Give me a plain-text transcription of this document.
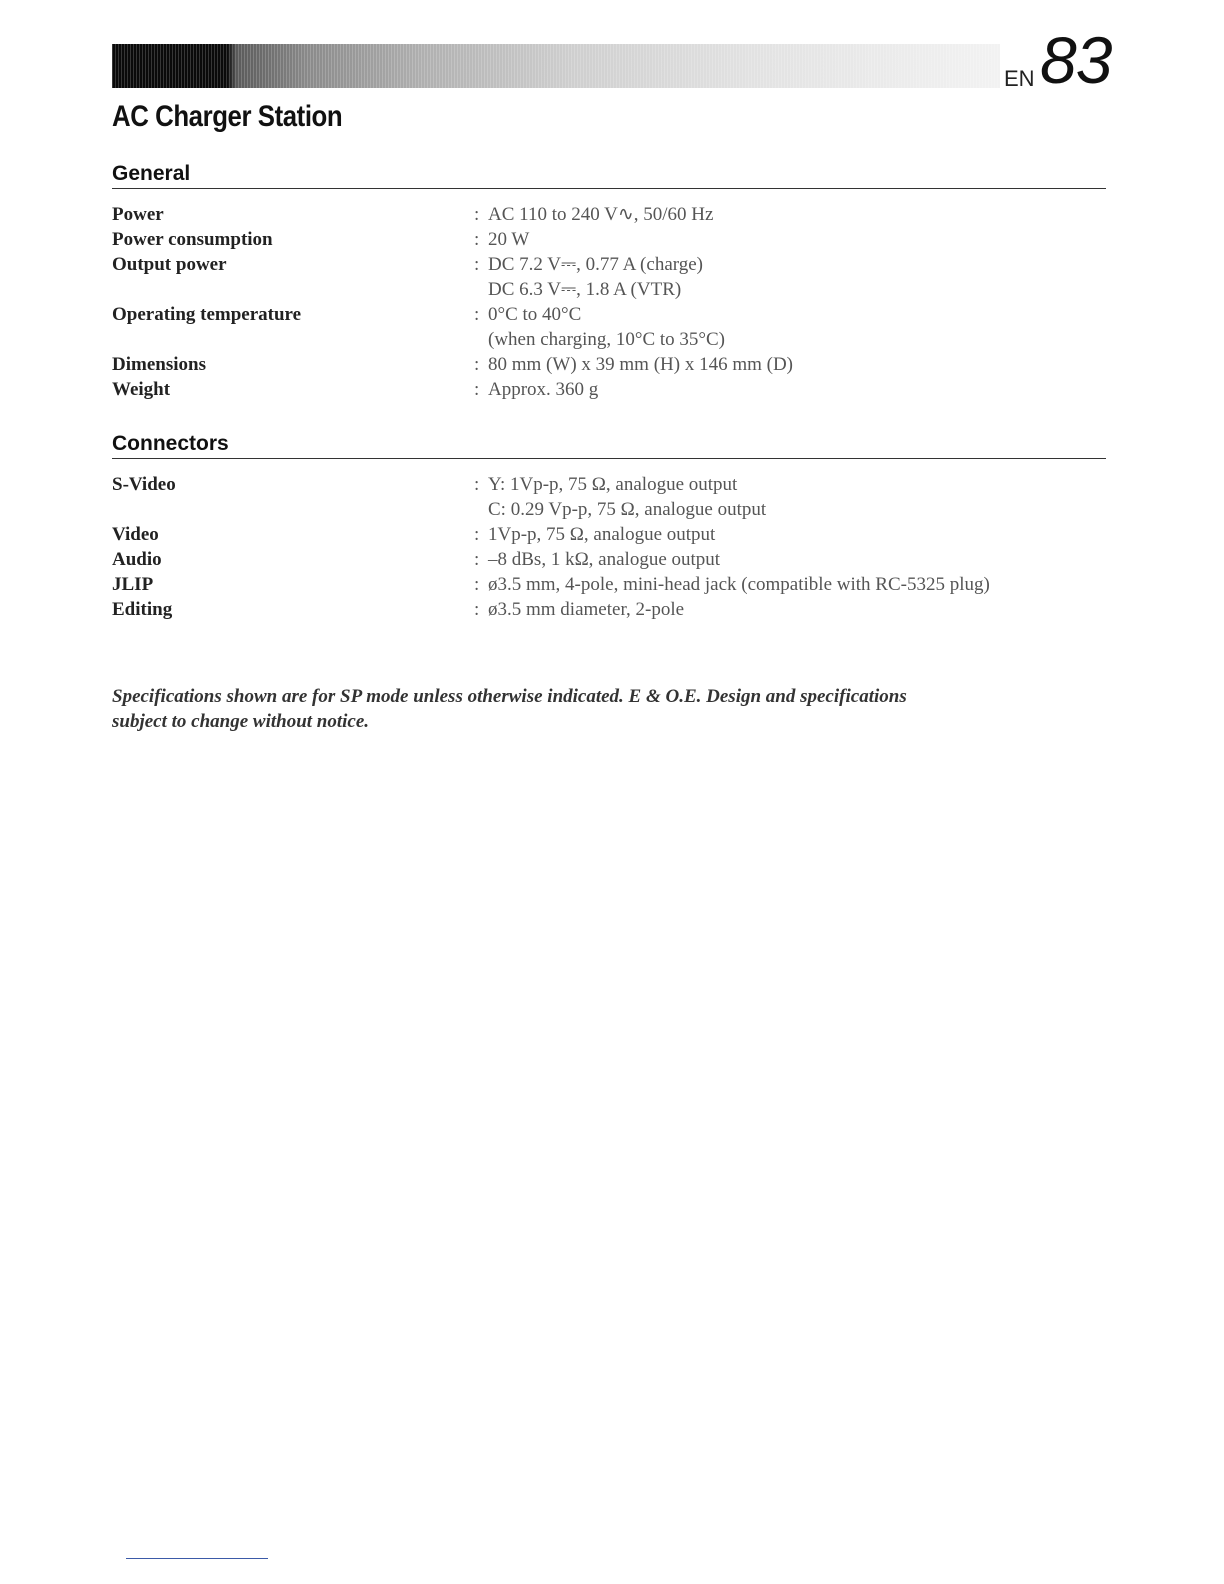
EN 83
AC Charger Station
General
Power	: AC 110 to 240 V∿, 50/60 Hz

Power consumption	: 20 W

Output power	: DC 7.2 V⎓, 0.77 A (charge)
DC 6.3 V⎓, 1.8 A (VTR)

Operating temperature	: 0°C to 40°C
(when charging, 10°C to 35°C)

Dimensions	: 80 mm (W) x 39 mm (H) x 146 mm (D)

Weight	: Approx. 360 g
Connectors
S-Video	: Y: 1Vp-p, 75 Ω, analogue output
C: 0.29 Vp-p, 75 Ω, analogue output

Video	: 1Vp-p, 75 Ω, analogue output

Audio	: –8 dBs, 1 kΩ, analogue output

JLIP	: ø3.5 mm, 4-pole, mini-head jack (compatible with RC-5325 plug)

Editing	: ø3.5 mm diameter, 2-pole
Specifications shown are for SP mode unless otherwise indicated. E & O.E. Design and specifications
subject to change without notice.
